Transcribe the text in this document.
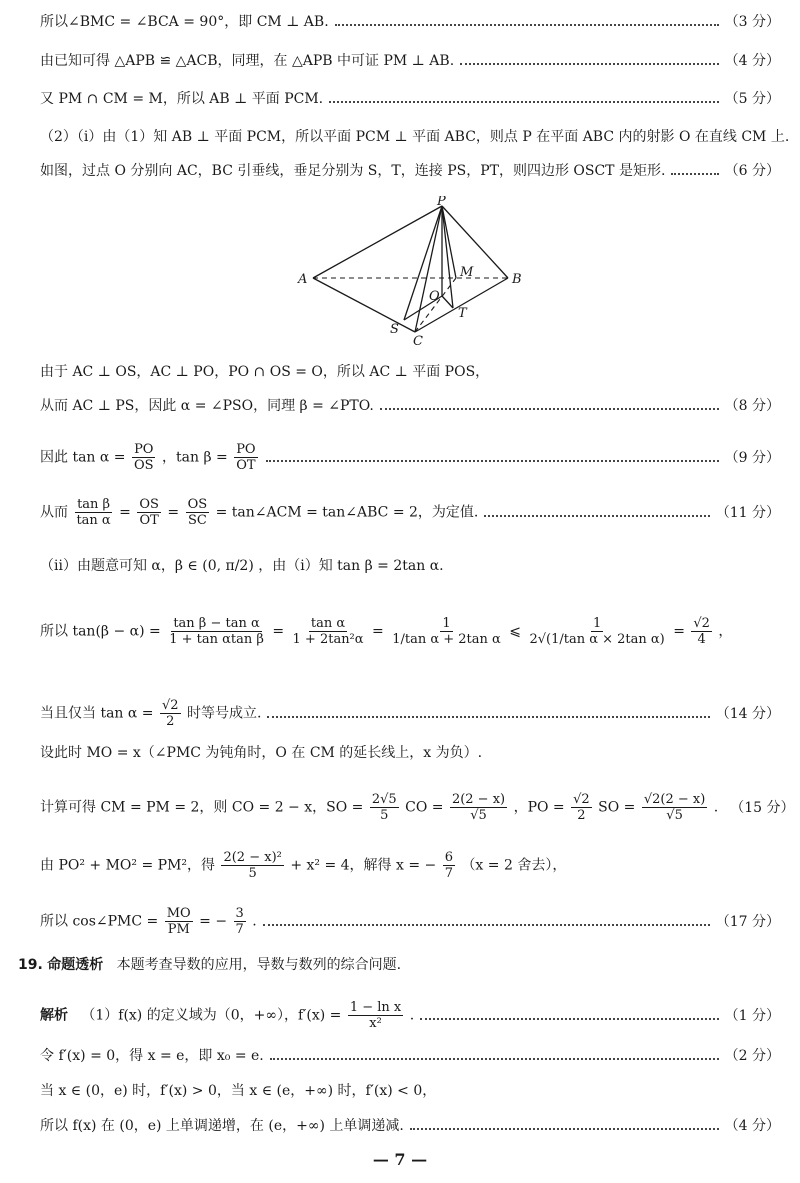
所以∠BMC = ∠BCA = 90°，即 CM ⊥ AB.	（3 分）
由已知可得 △APB ≌ △ACB，同理，在 △APB 中可证 PM ⊥ AB.	（4 分）
又 PM ∩ CM = M，所以 AB ⊥ 平面 PCM.	（5 分）
（2）（ⅰ）由（1）知 AB ⊥ 平面 PCM，所以平面 PCM ⊥ 平面 ABC，则点 P 在平面 ABC 内的射影 O 在直线 CM 上.
如图，过点 O 分别向 AC，BC 引垂线，垂足分别为 S，T，连接 PS，PT，则四边形 OSCT 是矩形.	（6 分）
P
A	B
M
O
S
C
T
由于 AC ⊥ OS，AC ⊥ PO，PO ∩ OS = O，所以 AC ⊥ 平面 POS，
从而 AC ⊥ PS，因此 α = ∠PSO，同理 β = ∠PTO.	（8 分）
因此 $\tan \alpha = \frac{PO}{OS}$ ，$\tan \beta = \frac{PO}{OT}$	（9 分）
从而 $\frac{\text{tan β}}{\text{tan α}} = \frac{OS}{OT} = \frac{OS}{SC}$ = tan∠ACM = tan∠ABC = 2，为定值.	（11 分）
（ⅱ）由题意可知 α，β ∈ (0, π/2) ，由（ⅰ）知 tan β = 2tan α.
所以 $\tan(\beta - \alpha) = \frac{\text{tan β − tan α}}{\text{1 + tan αtan β}} = \frac{\text{tan α}}{\text{1 + 2tan²α}} = \frac{1}{\text{1/tan α + 2tan α}}$ ⩽ $\frac{1}{\text{2√(1/tan α × 2tan α)}} = \frac{√2}{4}$ ，
当且仅当 $\tan \alpha = \frac{√2}{2}$ 时等号成立.	（14 分）
设此时 MO = x（∠PMC 为钝角时，O 在 CM 的延长线上，x 为负）.
计算可得 CM = PM = 2，则 CO = 2 − x，SO = $\frac{2√5}{5}$ CO = $\frac{2(2 - x)}{√5}$ ，PO = $\frac{√2}{2}$ SO = $\frac{√2(2 - x)}{√5}$ . （15 分）
由 PO² + MO² = PM²，得 $\frac{\text{2(2 − x)²}}{5} + x^2 = 4$，解得 x = − $\frac{6}{7} (x = 2$ 舍去），
所以 cos∠PMC = $\frac{MO}{PM}$ = − $\frac{3}{7}$ .	（17 分）
19. 命题透析 本题考查导数的应用，导数与数列的综合问题.
解析 （1）f(x) 的定义域为（0，+∞），$f'(x) = \frac{\text{1 − ln x}}{\text{x²}}$ .	（1 分）
令 f′(x) = 0，得 x = e，即 x₀ = e.	（2 分）
当 x ∈ (0，e) 时，f′(x) > 0，当 x ∈ (e，+∞) 时，f′(x) < 0，
所以 f(x) 在 (0，e) 上单调递增，在 (e，+∞) 上单调递减.	（4 分）
— 7 —
